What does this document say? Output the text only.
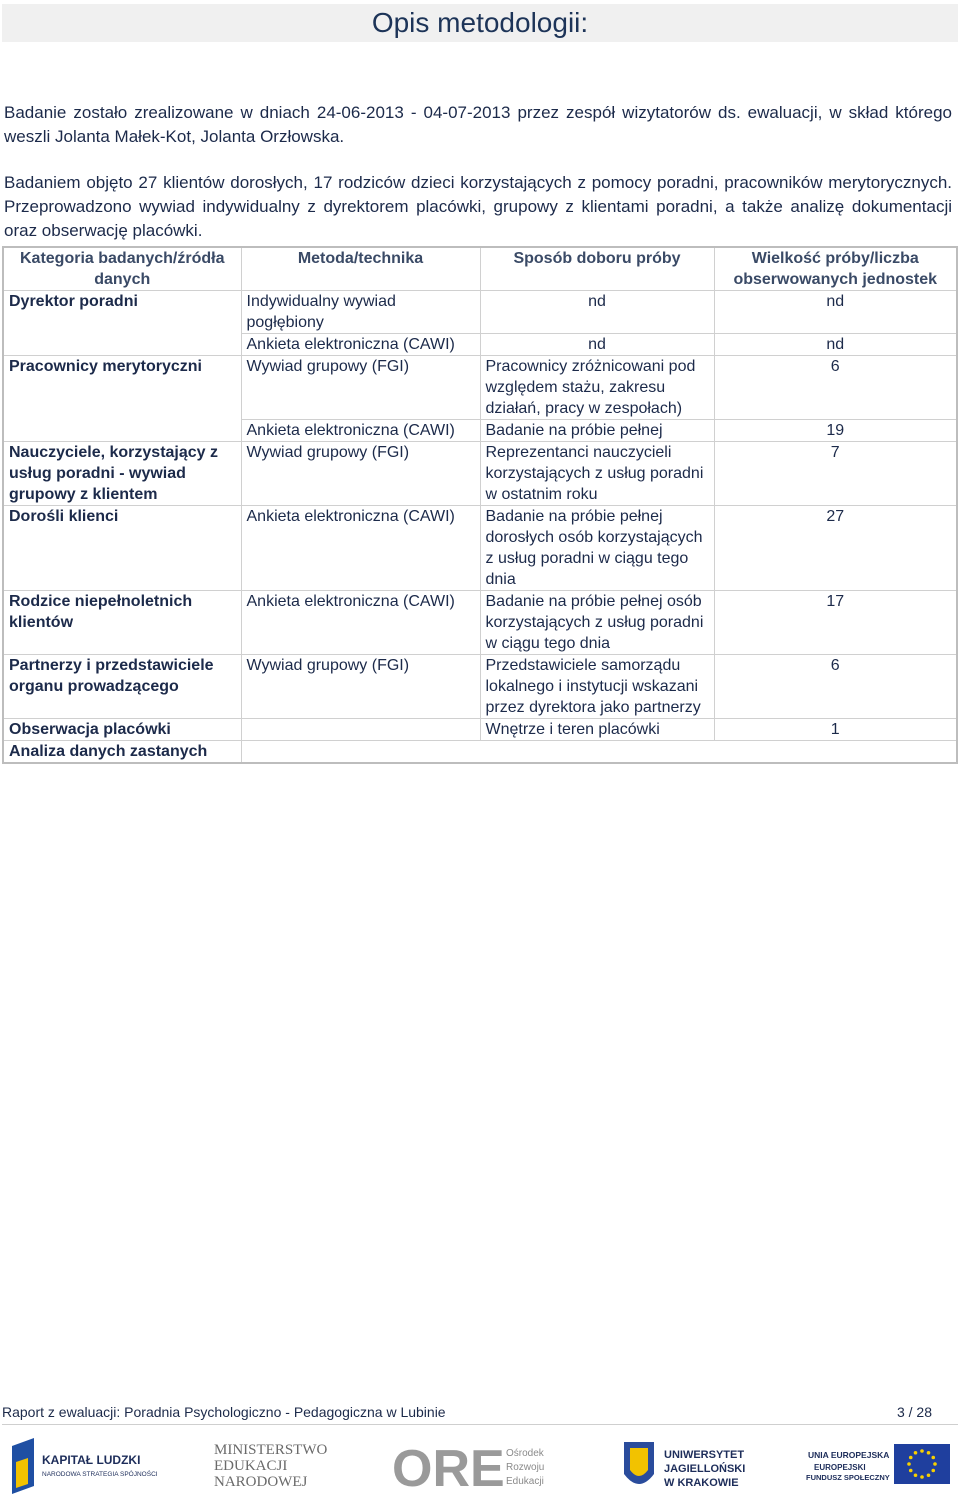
Opis metodologii:

Badanie zostało zrealizowane w dniach 24-06-2013 - 04-07-2013 przez zespół wizytatorów ds. ewaluacji, w skład którego weszli Jolanta Małek-Kot, Jolanta Orzłowska.

Badaniem objęto 27 klientów dorosłych, 17 rodziców dzieci korzystających z pomocy poradni, pracowników merytorycznych. Przeprowadzono wywiad indywidualny z dyrektorem placówki, grupowy z klientami poradni, a także analizę dokumentacji oraz obserwację placówki.

Kategoria badanych/źródła danych	Metoda/technika	Sposób doboru próby	Wielkość próby/liczba obserwowanych jednostek
Dyrektor poradni	Indywidualny wywiad pogłębiony	nd	nd
	Ankieta elektroniczna (CAWI)	nd	nd
Pracownicy merytoryczni	Wywiad grupowy (FGI)	Pracownicy zróżnicowani pod względem stażu, zakresu działań, pracy w zespołach)	6
	Ankieta elektroniczna (CAWI)	Badanie na próbie pełnej	19
Nauczyciele, korzystający z usług poradni - wywiad grupowy z klientem	Wywiad grupowy (FGI)	Reprezentanci nauczycieli korzystających z usług poradni w ostatnim roku	7
Dorośli klienci	Ankieta elektroniczna (CAWI)	Badanie na próbie pełnej dorosłych osób korzystających z usług poradni w ciągu tego dnia	27
Rodzice niepełnoletnich klientów	Ankieta elektroniczna (CAWI)	Badanie na próbie pełnej osób korzystających z usług poradni w ciągu tego dnia	17
Partnerzy i przedstawiciele organu prowadzącego	Wywiad grupowy (FGI)	Przedstawiciele samorządu lokalnego i instytucji wskazani przez dyrektora jako partnerzy	6
Obserwacja placówki		Wnętrze i teren placówki	1
Analiza danych zastanych			
Raport z ewaluacji: Poradnia Psychologiczno - Pedagogiczna w Lubinie	3 / 28
KAPITAŁ LUDZKI
NARODOWA STRATEGIA SPÓJNOŚCI
MINISTERSTWO
EDUKACJI
NARODOWEJ ORE Ośrodek
Rozwoju
Edukacji
UNIWERSYTET
JAGIELLOŃSKI
W KRAKOWIE
UNIA EUROPEJSKA
EUROPEJSKI
FUNDUSZ SPOŁECZNY
